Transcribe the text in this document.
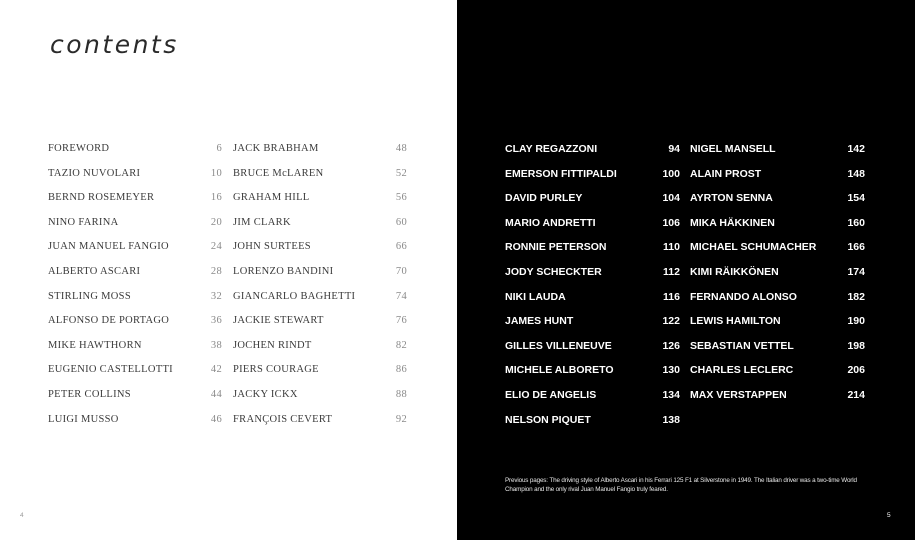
contents
FOREWORD	6
TAZIO NUVOLARI	10
BERND ROSEMEYER	16
NINO FARINA	20
JUAN MANUEL FANGIO	24
ALBERTO ASCARI	28
STIRLING MOSS	32
ALFONSO DE PORTAGO	36
MIKE HAWTHORN	38
EUGENIO CASTELLOTTI	42
PETER COLLINS	44
LUIGI MUSSO	46
JACK BRABHAM	48
BRUCE McLAREN	52
GRAHAM HILL	56
JIM CLARK	60
JOHN SURTEES	66
LORENZO BANDINI	70
GIANCARLO BAGHETTI	74
JACKIE STEWART	76
JOCHEN RINDT	82
PIERS COURAGE	86
JACKY ICKX	88
FRANÇOIS CEVERT	92
CLAY REGAZZONI	94
EMERSON FITTIPALDI	100
DAVID PURLEY	104
MARIO ANDRETTI	106
RONNIE PETERSON	110
JODY SCHECKTER	112
NIKI LAUDA	116
JAMES HUNT	122
GILLES VILLENEUVE	126
MICHELE ALBORETO	130
ELIO DE ANGELIS	134
NELSON PIQUET	138
NIGEL MANSELL	142
ALAIN PROST	148
AYRTON SENNA	154
MIKA HÄKKINEN	160
MICHAEL SCHUMACHER	166
KIMI RÄIKKÖNEN	174
FERNANDO ALONSO	182
LEWIS HAMILTON	190
SEBASTIAN VETTEL	198
CHARLES LECLERC	206
MAX VERSTAPPEN	214
Previous pages: The driving style of Alberto Ascari in his Ferrari 125 F1 at Silverstone in 1949. The Italian driver was a two-time World Champion and the only rival Juan Manuel Fangio truly feared.
4	5
